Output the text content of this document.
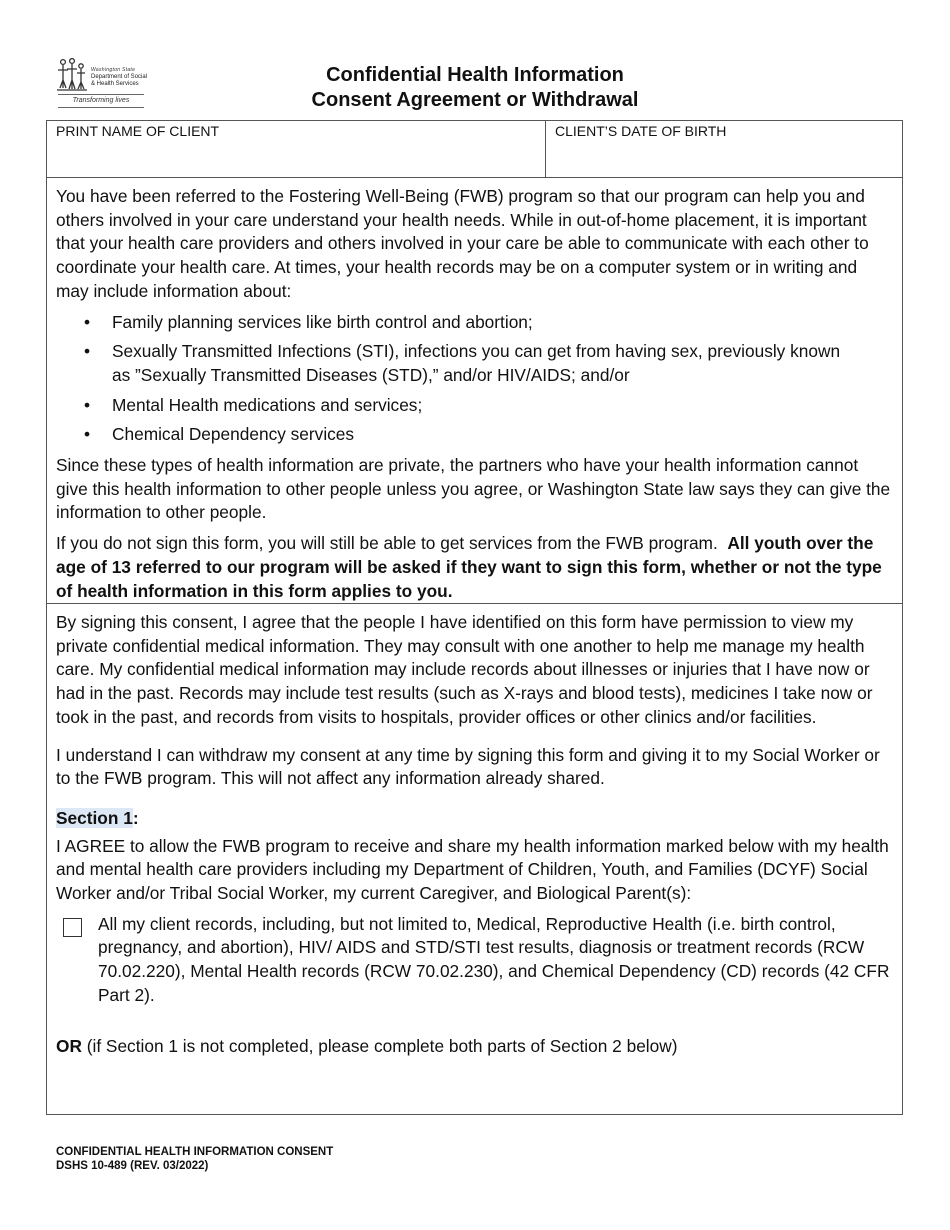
Washington State
Department of Social & Health Services
Transforming lives
Confidential Health Information
Consent Agreement or Withdrawal
PRINT NAME OF CLIENT	CLIENT’S DATE OF BIRTH

You have been referred to the Fostering Well-Being (FWB) program so that our program can help you and others involved in your care understand your health needs. While in out-of-home placement, it is important that your health care providers and others involved in your care be able to communicate with each other to coordinate your health care. At times, your health records may be on a computer system or in writing and may include information about:

• Family planning services like birth control and abortion;
• Sexually Transmitted Infections (STI), infections you can get from having sex, previously known as ”Sexually Transmitted Diseases (STD),” and/or HIV/AIDS; and/or
• Mental Health medications and services;
• Chemical Dependency services

Since these types of health information are private, the partners who have your health information cannot give this health information to other people unless you agree, or Washington State law says they can give the information to other people.

If you do not sign this form, you will still be able to get services from the FWB program. All youth over the age of 13 referred to our program will be asked if they want to sign this form, whether or not the type of health information in this form applies to you.

By signing this consent, I agree that the people I have identified on this form have permission to view my private confidential medical information. They may consult with one another to help me manage my health care. My confidential medical information may include records about illnesses or injuries that I have now or had in the past. Records may include test results (such as X-rays and blood tests), medicines I take now or took in the past, and records from visits to hospitals, provider offices or other clinics and/or facilities.

I understand I can withdraw my consent at any time by signing this form and giving it to my Social Worker or to the FWB program. This will not affect any information already shared.

Section 1:

I AGREE to allow the FWB program to receive and share my health information marked below with my health and mental health care providers including my Department of Children, Youth, and Families (DCYF) Social Worker and/or Tribal Social Worker, my current Caregiver, and Biological Parent(s):

All my client records, including, but not limited to, Medical, Reproductive Health (i.e. birth control, pregnancy, and abortion), HIV/ AIDS and STD/STI test results, diagnosis or treatment records (RCW 70.02.220), Mental Health records (RCW 70.02.230), and Chemical Dependency (CD) records (42 CFR Part 2).

OR (if Section 1 is not completed, please complete both parts of Section 2 below)

CONFIDENTIAL HEALTH INFORMATION CONSENT
DSHS 10-489 (REV. 03/2022)
